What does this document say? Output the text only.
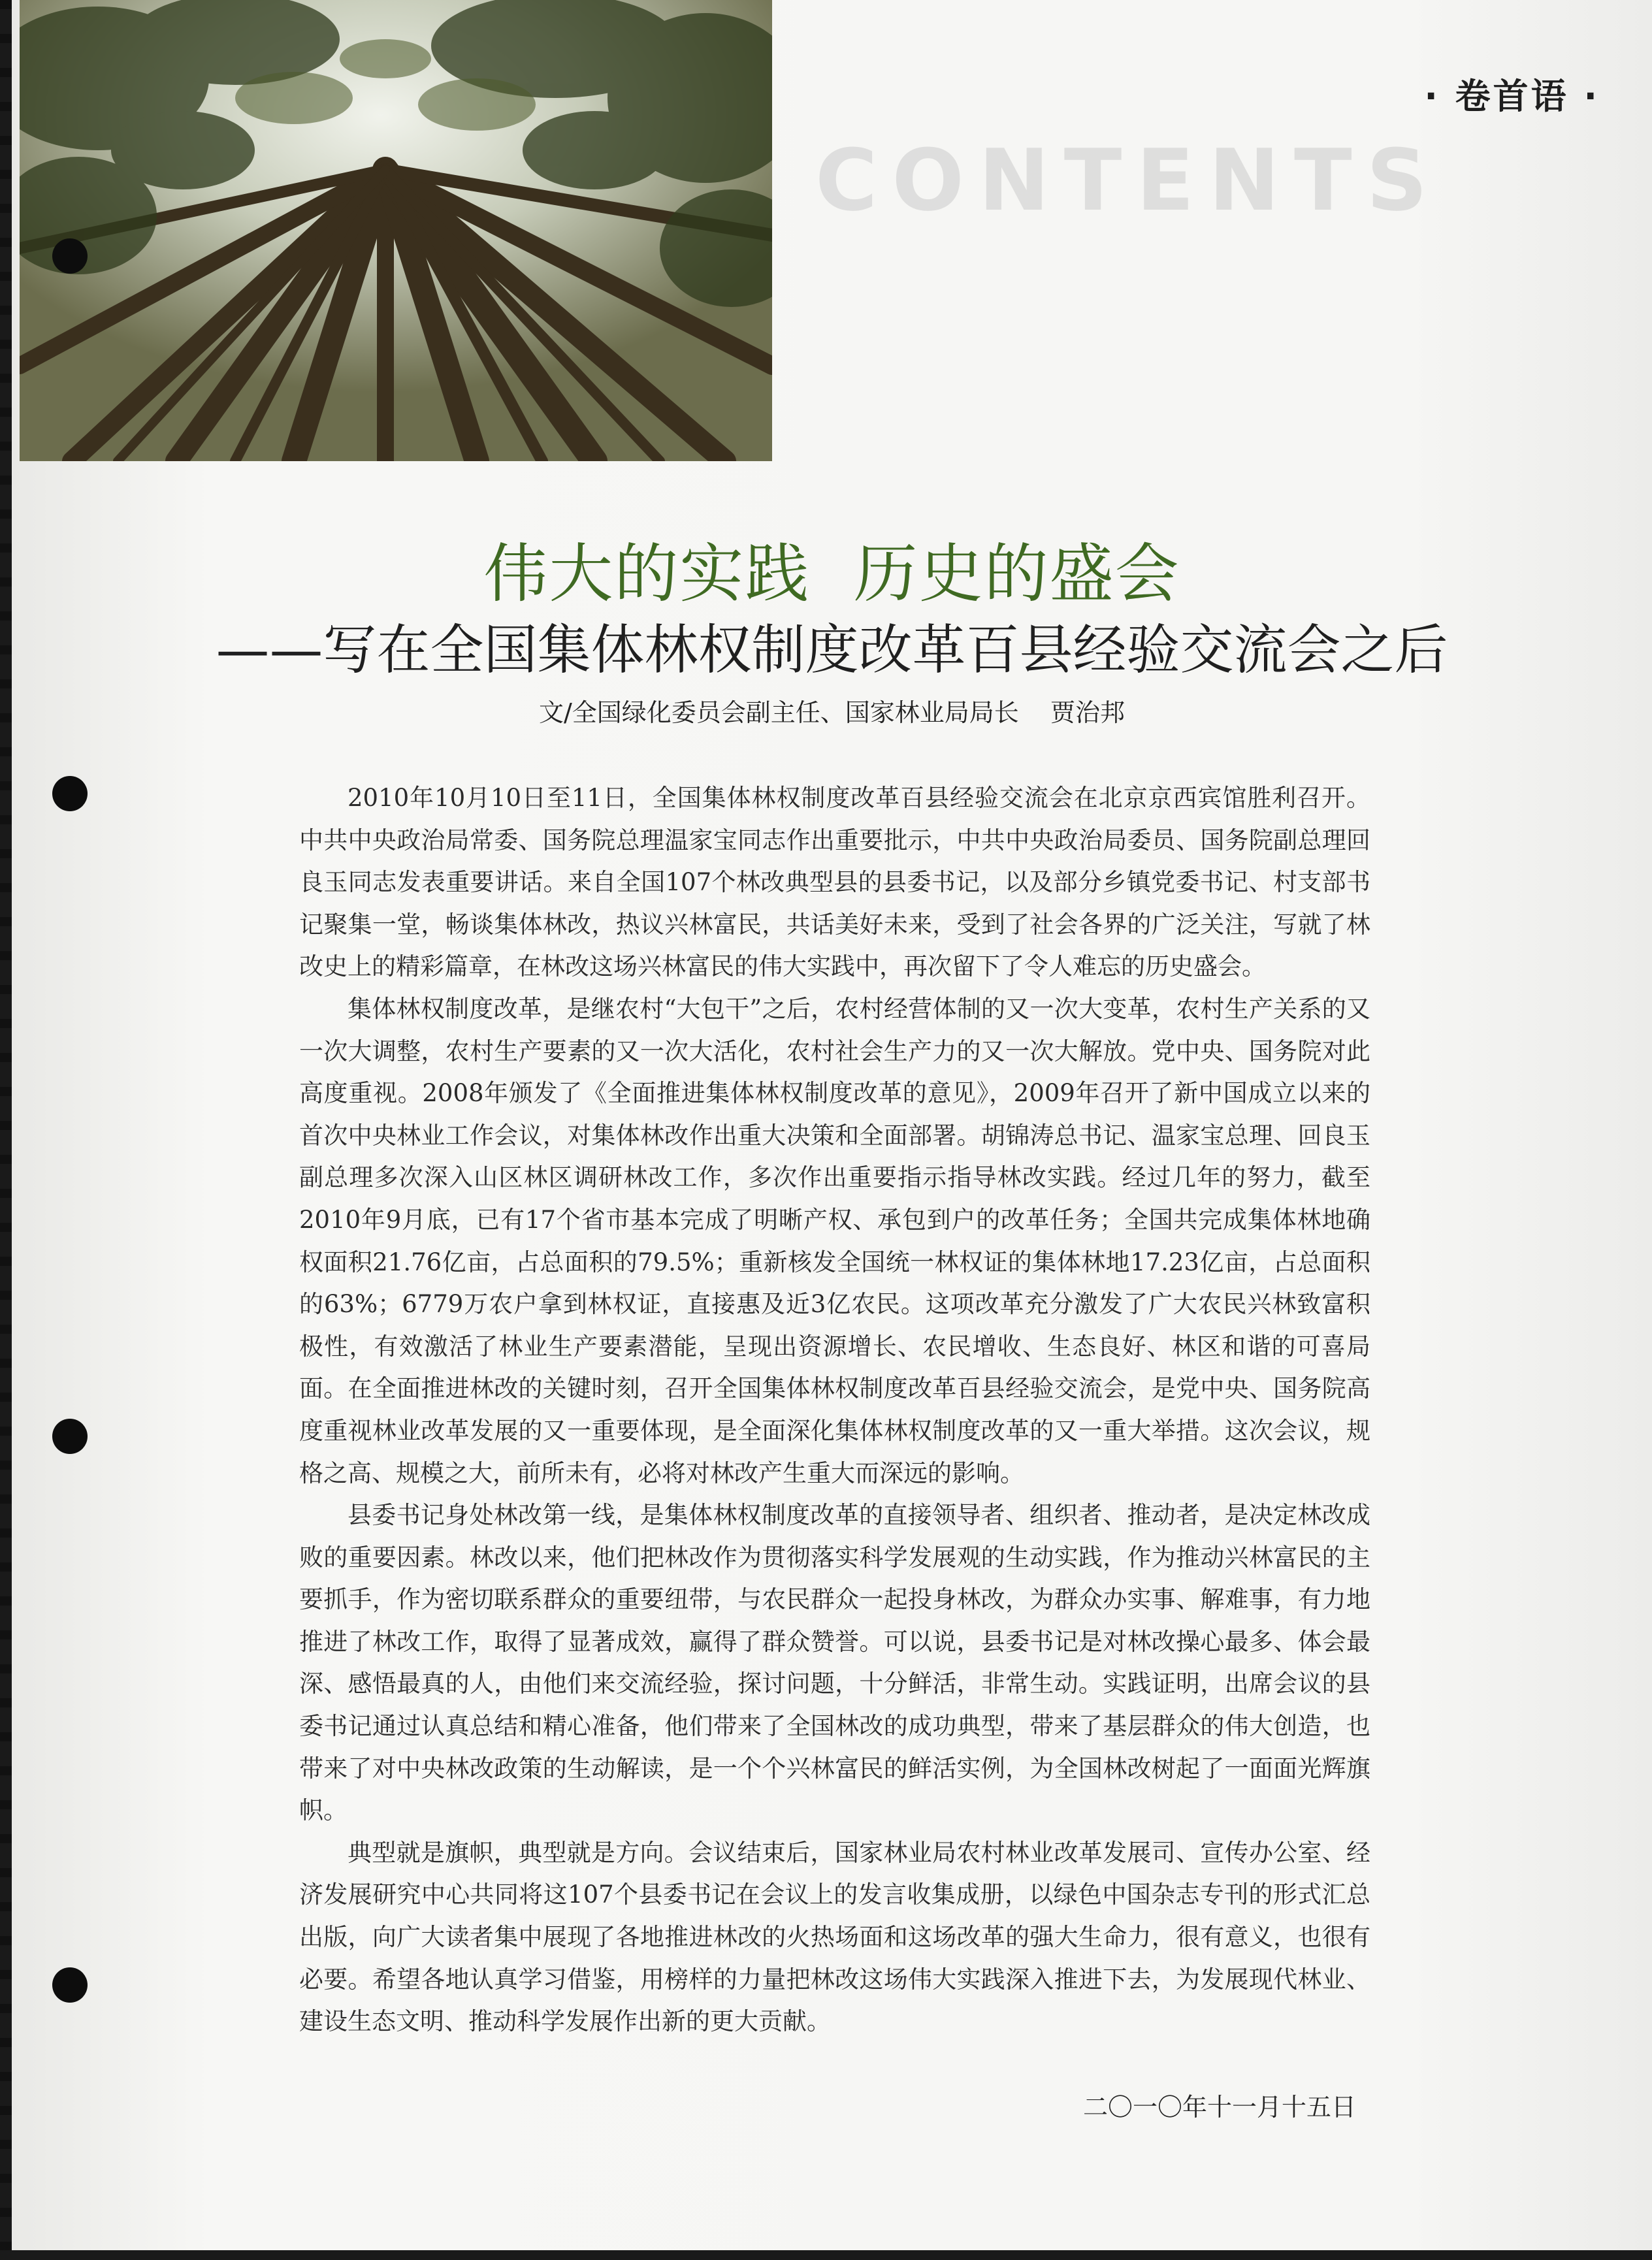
CONTENTS
· 卷首语 ·
伟大的实践  历史的盛会
——写在全国集体林权制度改革百县经验交流会之后
文/全国绿化委员会副主任、国家林业局局长    贾治邦

2010年10月10日至11日，全国集体林权制度改革百县经验交流会在北京京西宾馆胜利召开。中共中央政治局常委、国务院总理温家宝同志作出重要批示，中共中央政治局委员、国务院副总理回良玉同志发表重要讲话。来自全国107个林改典型县的县委书记，以及部分乡镇党委书记、村支部书记聚集一堂，畅谈集体林改，热议兴林富民，共话美好未来，受到了社会各界的广泛关注，写就了林改史上的精彩篇章，在林改这场兴林富民的伟大实践中，再次留下了令人难忘的历史盛会。

集体林权制度改革，是继农村“大包干”之后，农村经营体制的又一次大变革，农村生产关系的又一次大调整，农村生产要素的又一次大活化，农村社会生产力的又一次大解放。党中央、国务院对此高度重视。2008年颁发了《全面推进集体林权制度改革的意见》，2009年召开了新中国成立以来的首次中央林业工作会议，对集体林改作出重大决策和全面部署。胡锦涛总书记、温家宝总理、回良玉副总理多次深入山区林区调研林改工作，多次作出重要指示指导林改实践。经过几年的努力，截至2010年9月底，已有17个省市基本完成了明晰产权、承包到户的改革任务；全国共完成集体林地确权面积21.76亿亩，占总面积的79.5%；重新核发全国统一林权证的集体林地17.23亿亩，占总面积的63%；6779万农户拿到林权证，直接惠及近3亿农民。这项改革充分激发了广大农民兴林致富积极性，有效激活了林业生产要素潜能，呈现出资源增长、农民增收、生态良好、林区和谐的可喜局面。在全面推进林改的关键时刻，召开全国集体林权制度改革百县经验交流会，是党中央、国务院高度重视林业改革发展的又一重要体现，是全面深化集体林权制度改革的又一重大举措。这次会议，规格之高、规模之大，前所未有，必将对林改产生重大而深远的影响。

县委书记身处林改第一线，是集体林权制度改革的直接领导者、组织者、推动者，是决定林改成败的重要因素。林改以来，他们把林改作为贯彻落实科学发展观的生动实践，作为推动兴林富民的主要抓手，作为密切联系群众的重要纽带，与农民群众一起投身林改，为群众办实事、解难事，有力地推进了林改工作，取得了显著成效，赢得了群众赞誉。可以说，县委书记是对林改操心最多、体会最深、感悟最真的人，由他们来交流经验，探讨问题，十分鲜活，非常生动。实践证明，出席会议的县委书记通过认真总结和精心准备，他们带来了全国林改的成功典型，带来了基层群众的伟大创造，也带来了对中央林改政策的生动解读，是一个个兴林富民的鲜活实例，为全国林改树起了一面面光辉旗帜。

典型就是旗帜，典型就是方向。会议结束后，国家林业局农村林业改革发展司、宣传办公室、经济发展研究中心共同将这107个县委书记在会议上的发言收集成册，以绿色中国杂志专刊的形式汇总出版，向广大读者集中展现了各地推进林改的火热场面和这场改革的强大生命力，很有意义，也很有必要。希望各地认真学习借鉴，用榜样的力量把林改这场伟大实践深入推进下去，为发展现代林业、建设生态文明、推动科学发展作出新的更大贡献。

二〇一〇年十一月十五日
